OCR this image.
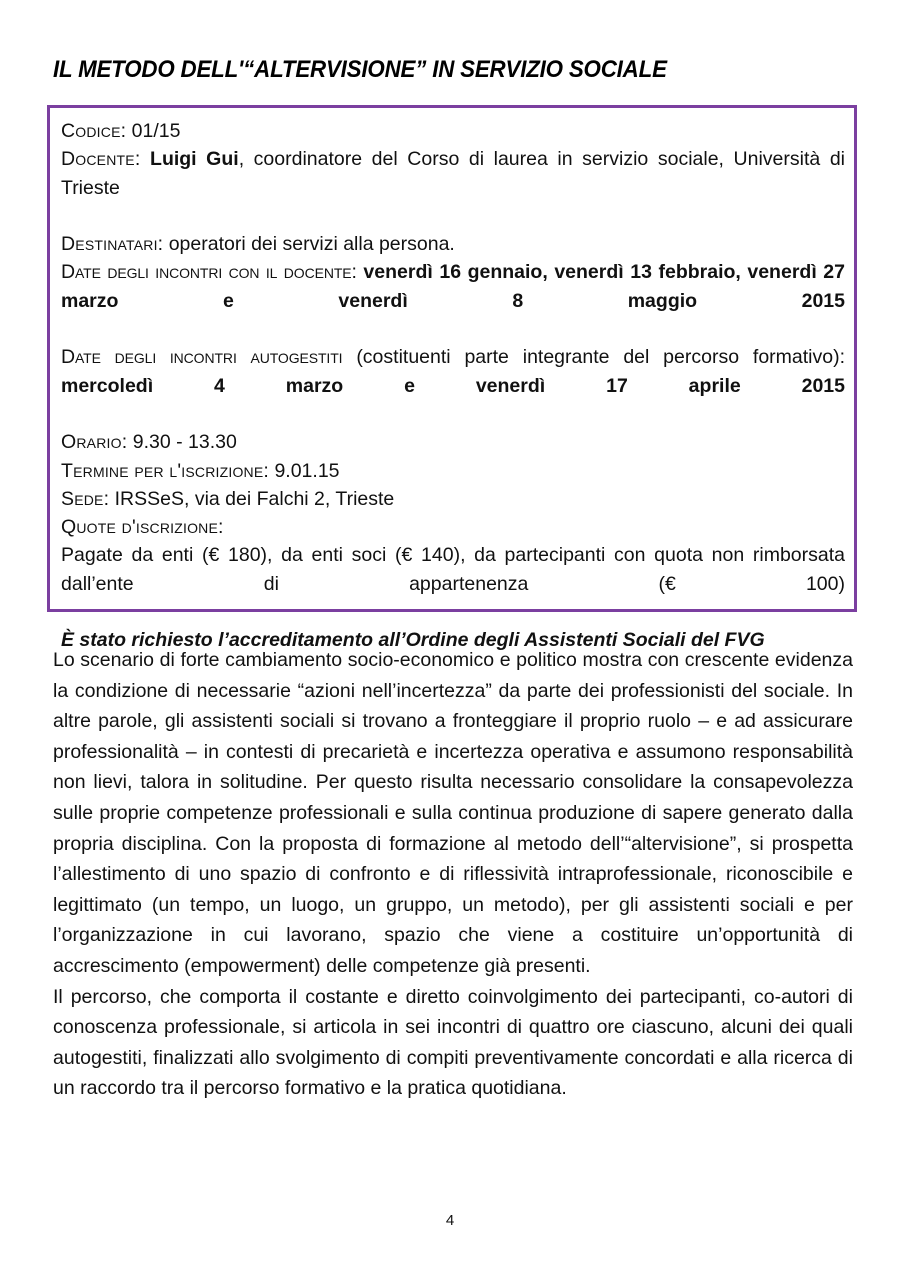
IL METODO DELL'“ALTERVISIONE” IN SERVIZIO SOCIALE

Codice: 01/15

Docente: Luigi Gui, coordinatore del Corso di laurea in servizio sociale, Università di Trieste

Destinatari: operatori dei servizi alla persona.

Date degli incontri con il docente: venerdì 16 gennaio, venerdì 13 febbraio, venerdì 27 marzo e venerdì 8 maggio 2015

Date degli incontri autogestiti (costituenti parte integrante del percorso formativo): mercoledì 4 marzo e venerdì 17 aprile 2015

Orario: 9.30 - 13.30

Termine per l'iscrizione: 9.01.15

Sede: IRSSeS, via dei Falchi 2, Trieste

Quote d'iscrizione:

Pagate da enti (€ 180), da enti soci (€ 140), da partecipanti con quota non rimborsata dall’ente di appartenenza (€ 100)

È stato richiesto l’accreditamento all’Ordine degli Assistenti Sociali del FVG

Lo scenario di forte cambiamento socio-economico e politico mostra con crescente evidenza la condizione di necessarie “azioni nell’incertezza” da parte dei professionisti del sociale. In altre parole, gli assistenti sociali si trovano a fronteggiare il proprio ruolo – e ad assicurare professionalità – in contesti di precarietà e incertezza operativa e assumono responsabilità non lievi, talora in solitudine. Per questo risulta necessario consolidare la consapevolezza sulle proprie competenze professionali e sulla continua produzione di sapere generato dalla propria disciplina. Con la proposta di formazione al metodo dell’“altervisione”, si prospetta l’allestimento di uno spazio di confronto e di riflessività intraprofessionale, riconoscibile e legittimato (un tempo, un luogo, un gruppo, un metodo), per gli assistenti sociali e per l’organizzazione in cui lavorano, spazio che viene a costituire un’opportunità di accrescimento (empowerment) delle competenze già presenti.

Il percorso, che comporta il costante e diretto coinvolgimento dei partecipanti, co-autori di conoscenza professionale, si articola in sei incontri di quattro ore ciascuno, alcuni dei quali autogestiti, finalizzati allo svolgimento di compiti preventivamente concordati e alla ricerca di un raccordo tra il percorso formativo e la pratica quotidiana.

4
